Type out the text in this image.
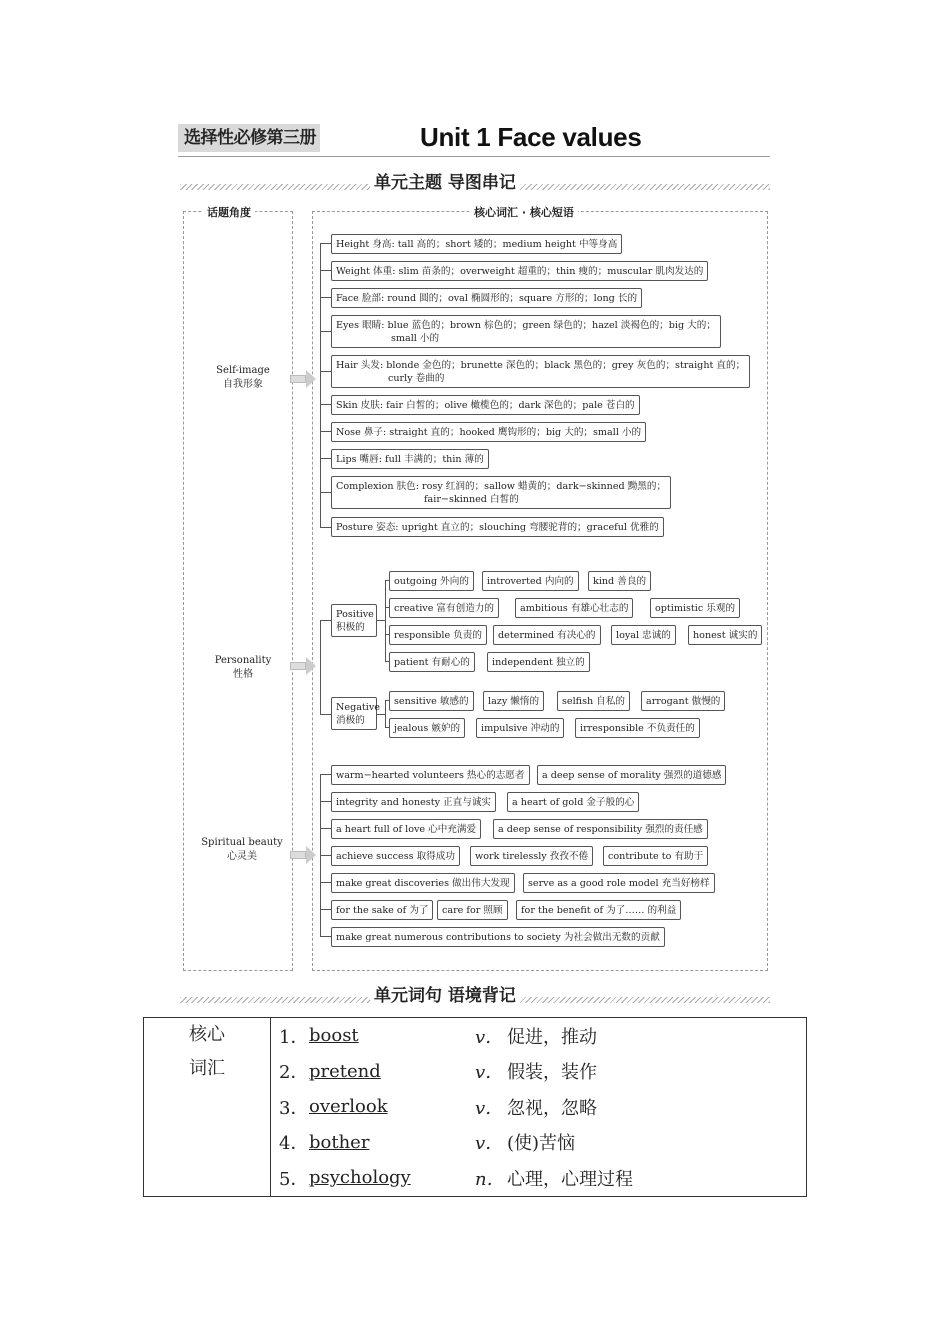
选择性必修第三册	Unit 1 Face values
单元主题 导图串记
话题角度	核心词汇 · 核心短语
Self-image
自我形象
Personality
性格
Spiritual beauty
心灵美
Height 身高: tall 高的；short 矮的；medium height 中等身高
Weight 体重: slim 苗条的；overweight 超重的；thin 瘦的；muscular 肌肉发达的
Face 脸部: round 圆的；oval 椭圆形的；square 方形的；long 长的
Eyes 眼睛: blue 蓝色的；brown 棕色的；green 绿色的；hazel 淡褐色的；big 大的；
small 小的
Hair 头发: blonde 金色的；brunette 深色的；black 黑色的；grey 灰色的；straight 直的；
curly 卷曲的
Skin 皮肤: fair 白皙的；olive 橄榄色的；dark 深色的；pale 苍白的
Nose 鼻子: straight 直的；hooked 鹰钩形的；big 大的；small 小的
Lips 嘴唇: full 丰满的；thin 薄的
Complexion 肤色: rosy 红润的；sallow 蜡黄的；dark−skinned 黝黑的；
fair−skinned 白皙的
Posture 姿态: upright 直立的；slouching 弯腰驼背的；graceful 优雅的
Positive
积极的
Negative
消极的
outgoing 外向的	introverted 内向的	kind 善良的
creative 富有创造力的	ambitious 有雄心壮志的	optimistic 乐观的
responsible 负责的	determined 有决心的	loyal 忠诚的	honest 诚实的
patient 有耐心的	independent 独立的
sensitive 敏感的	lazy 懒惰的	selfish 自私的	arrogant 傲慢的
jealous 嫉妒的	impulsive 冲动的	irresponsible 不负责任的
warm−hearted volunteers 热心的志愿者	a deep sense of morality 强烈的道德感
integrity and honesty 正直与诚实	a heart of gold 金子般的心
a heart full of love 心中充满爱	a deep sense of responsibility 强烈的责任感
achieve success 取得成功	work tirelessly 孜孜不倦	contribute to 有助于
make great discoveries 做出伟大发现	serve as a good role model 充当好榜样
for the sake of 为了	care for 照顾	for the benefit of 为了…… 的利益
make great numerous contributions to society 为社会做出无数的贡献
单元词句 语境背记
核心
词汇

1． boost	v． 促进，推动
2． pretend	v． 假装，装作
3． overlook	v． 忽视，忽略
4． bother	v． (使)苦恼
5． psychology	n． 心理，心理过程
